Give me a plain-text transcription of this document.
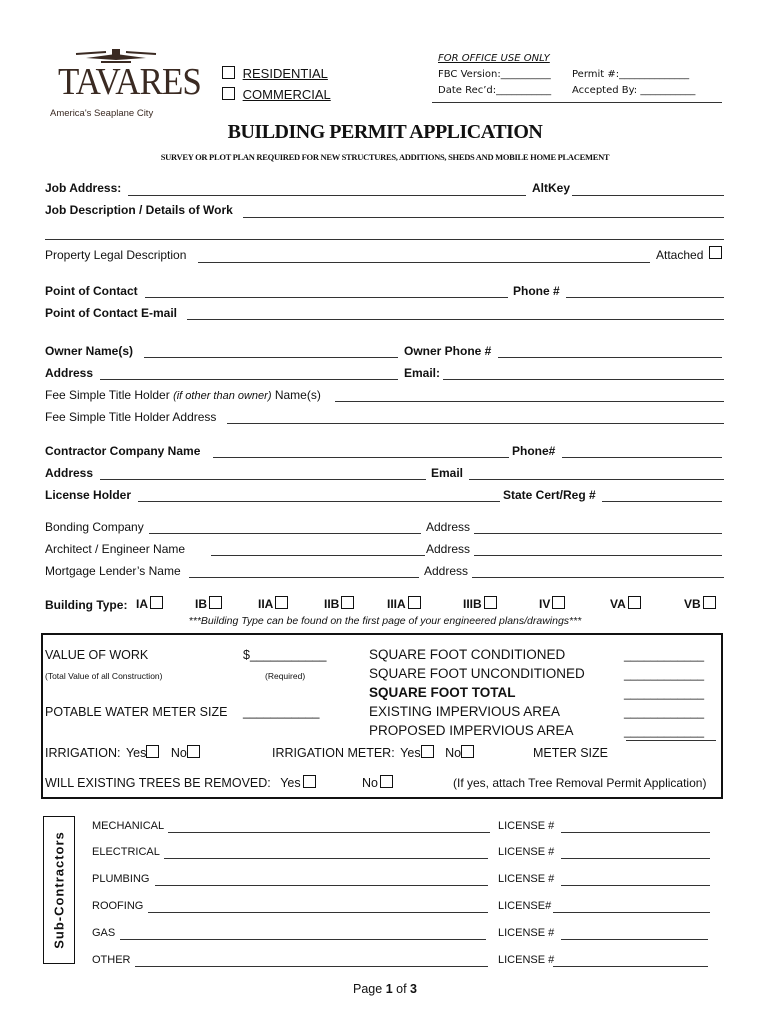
TAVARES
America's Seaplane City
RESIDENTIAL
COMMERCIAL
FOR OFFICE USE ONLY
FBC Version:__________ Permit #:______________
Date Rec’d:___________ Accepted By: ___________
BUILDING PERMIT APPLICATION
SURVEY OR PLOT PLAN REQUIRED FOR NEW STRUCTURES, ADDITIONS, SHEDS AND MOBILE HOME PLACEMENT
Job Address:	AltKey
Job Description / Details of Work
Property Legal Description	Attached
Point of Contact	Phone #
Point of Contact E-mail
Owner Name(s)	Owner Phone #
Address	Email:
Fee Simple Title Holder (if other than owner) Name(s)
Fee Simple Title Holder Address
Contractor Company Name	Phone#
Address	Email
License Holder	State Cert/Reg #
Bonding Company	Address
Architect / Engineer Name	Address
Mortgage Lender’s Name	Address
Building Type: IA	IB	IIA	IIB	IIIA	IIIB	IV	VA	VB
***Building Type can be found on the first page of your engineered plans/drawings***
VALUE OF WORK	$___________
(Total Value of all Construction)	(Required)
SQUARE FOOT CONDITIONED	____________
SQUARE FOOT UNCONDITIONED	____________
SQUARE FOOT TOTAL	____________
EXISTING IMPERVIOUS AREA	____________
PROPOSED IMPERVIOUS AREA	____________
POTABLE WATER METER SIZE ___________
IRRIGATION: Yes No	IRRIGATION METER: Yes No	METER SIZE
WILL EXISTING TREES BE REMOVED: Yes	No	(If yes, attach Tree Removal Permit Application)
Sub-Contractors
MECHANICAL	LICENSE #
ELECTRICAL	LICENSE #
PLUMBING	LICENSE #
ROOFING	LICENSE#
GAS	LICENSE #
OTHER	LICENSE #
Page 1 of 3
